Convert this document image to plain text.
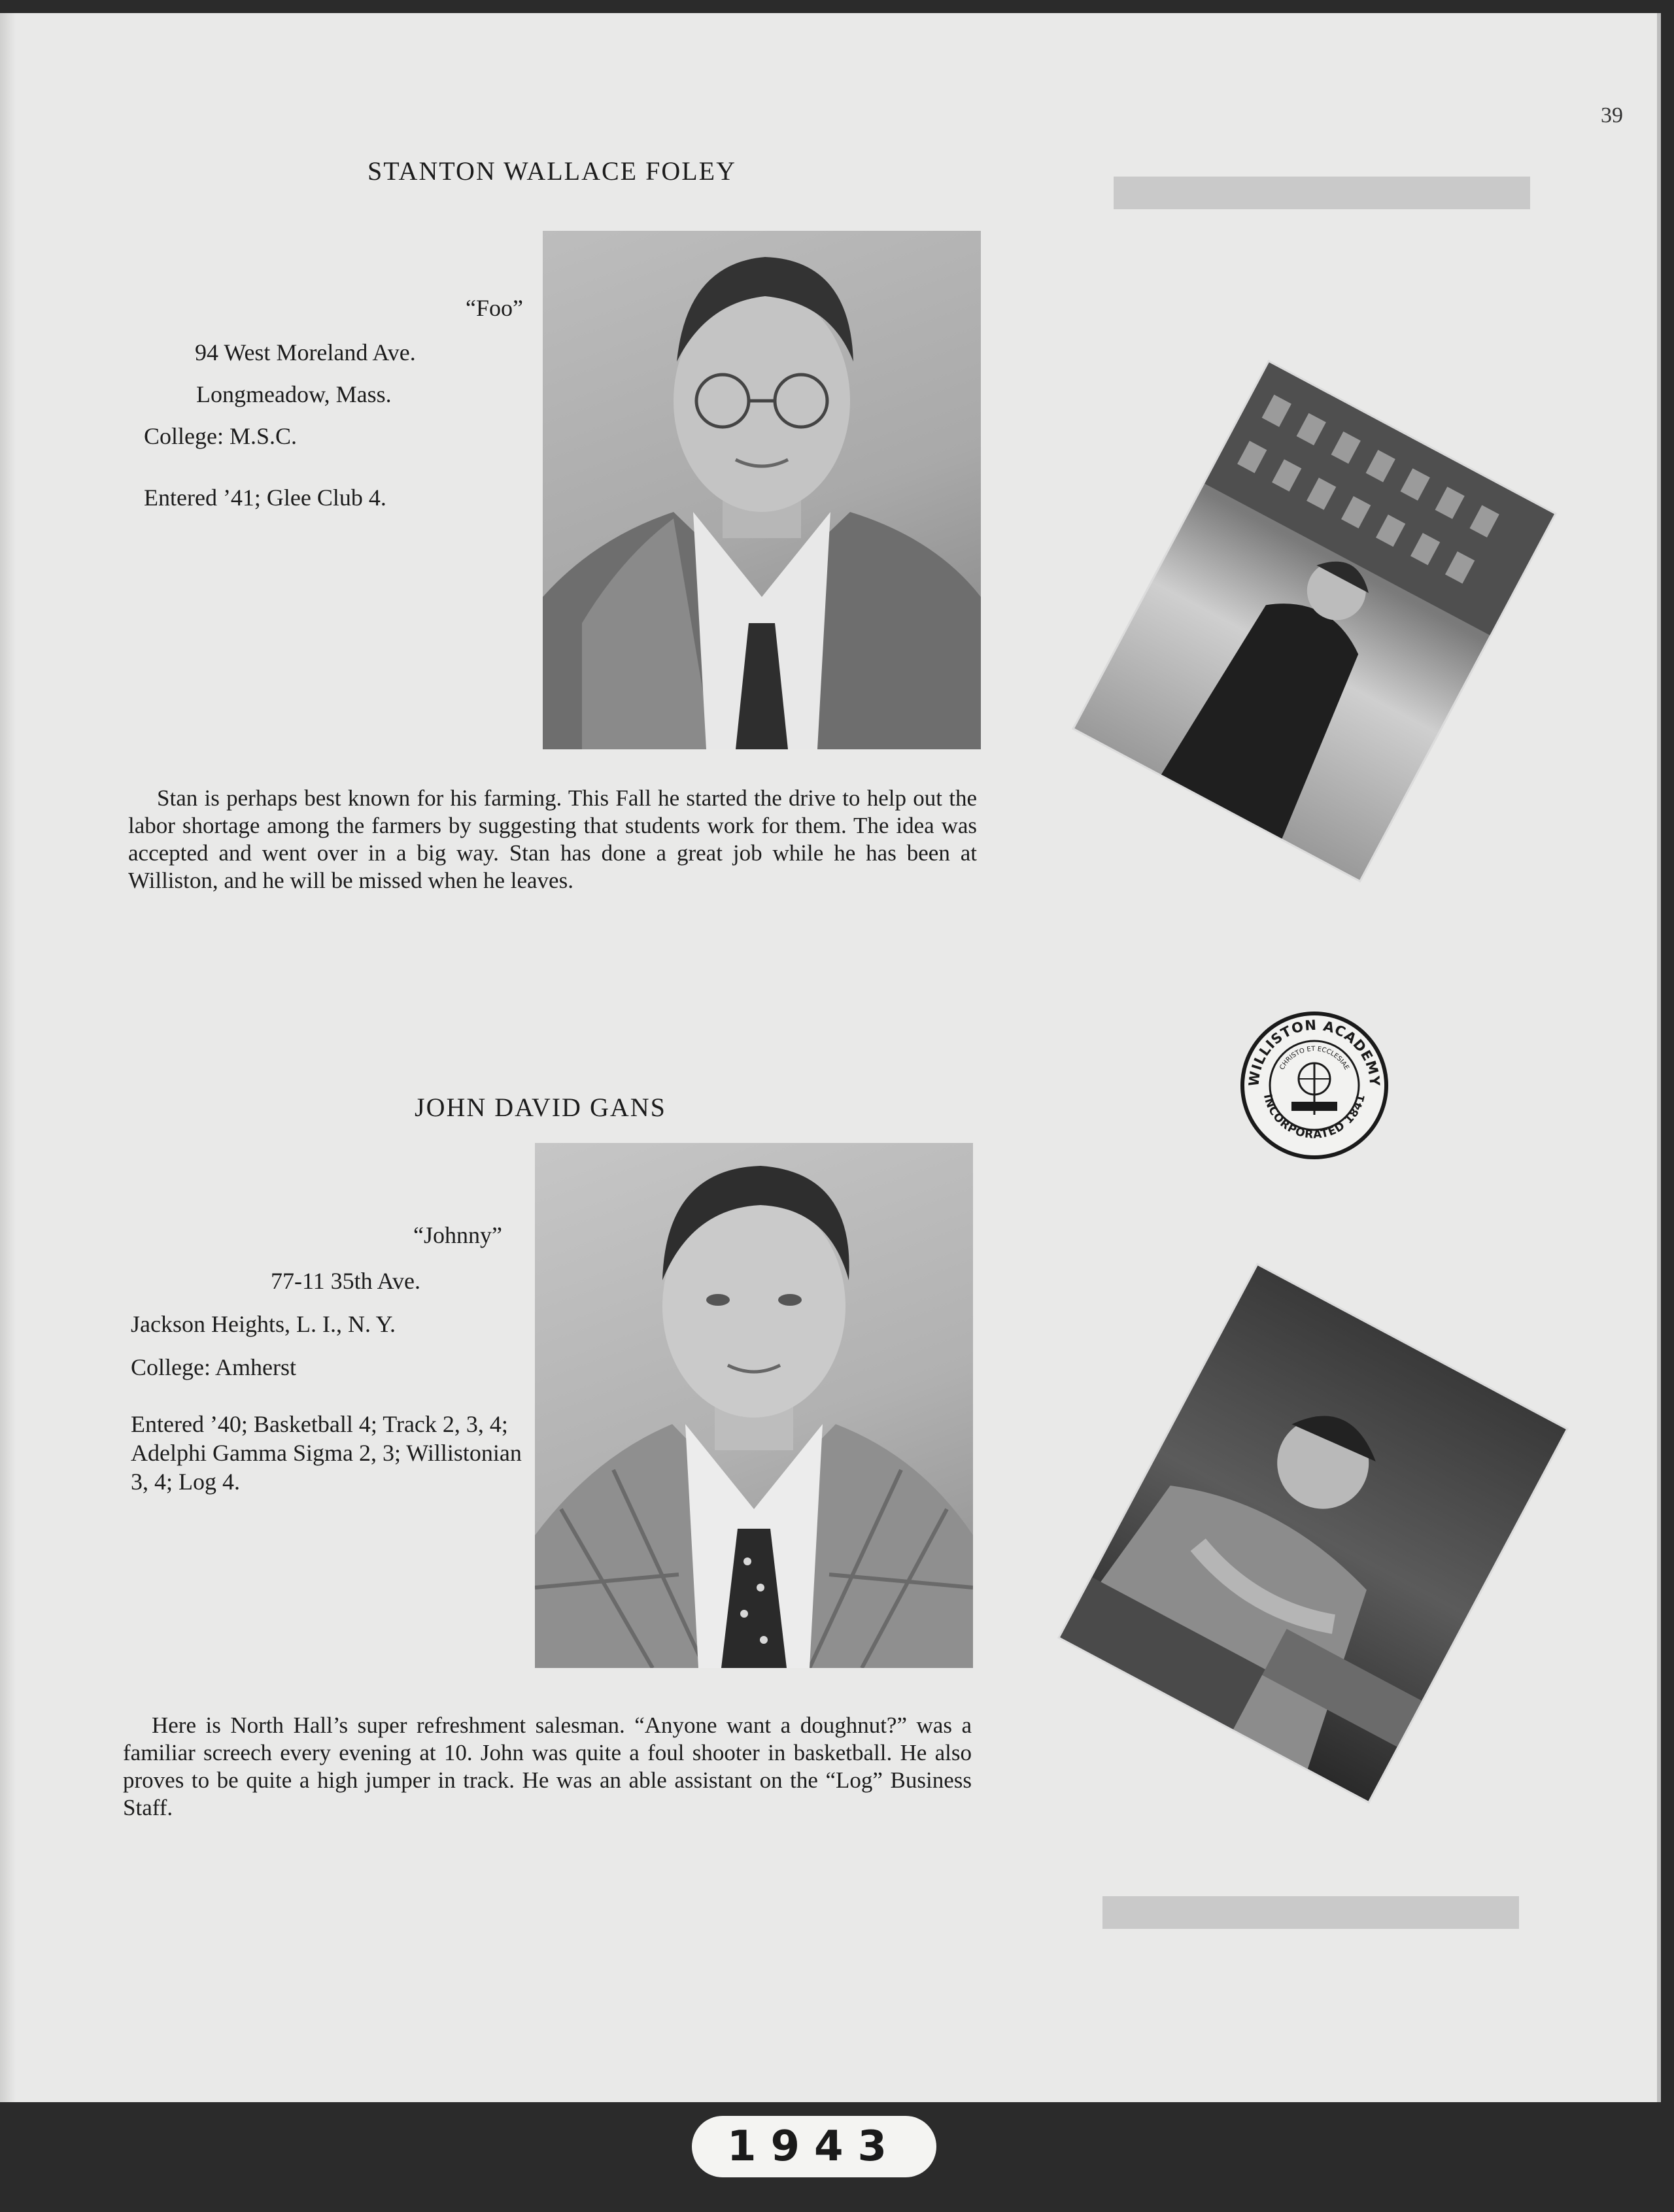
39
STANTON WALLACE FOLEY
“Foo”
94 West Moreland Ave.
Longmeadow, Mass.
College: M.S.C.
Entered ’41; Glee Club 4.

Stan is perhaps best known for his farming. This Fall he started the drive to help out the labor shortage among the farmers by suggesting that students work for them. The idea was accepted and went over in a big way. Stan has done a great job while he has been at Williston, and he will be missed when he leaves.

WILLISTON ACADEMY
INCORPORATED 1841
CHRISTO ET ECCLESIAE
JOHN DAVID GANS
“Johnny”
77-11 35th Ave.
Jackson Heights, L. I., N. Y.
College: Amherst
Entered ’40; Basketball 4; Track 2, 3, 4; Adelphi Gamma Sigma 2, 3; Willistonian 3, 4; Log 4.

Here is North Hall’s super refreshment salesman. “Anyone want a doughnut?” was a familiar screech every evening at 10. John was quite a foul shooter in basketball. He also proves to be quite a high jumper in track. He was an able assistant on the “Log” Business Staff.

1943
